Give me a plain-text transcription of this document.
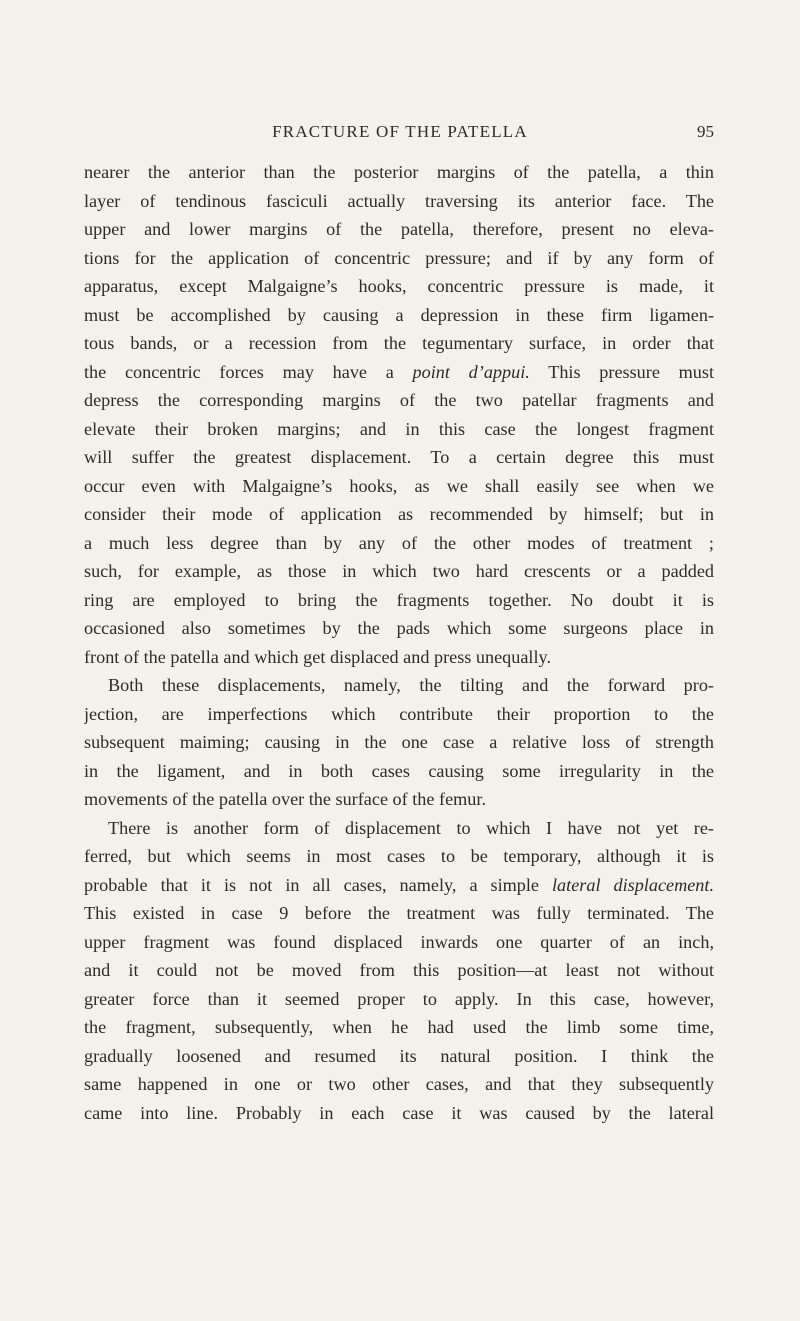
FRACTURE OF THE PATELLA	95
nearer the anterior than the posterior margins of the patella, a thin
layer of tendinous fasciculi actually traversing its anterior face. The
upper and lower margins of the patella, therefore, present no eleva-
tions for the application of concentric pressure; and if by any form of
apparatus, except Malgaigne’s hooks, concentric pressure is made, it
must be accomplished by causing a depression in these firm ligamen-
tous bands, or a recession from the tegumentary surface, in order that
the concentric forces may have a point d’appui. This pressure must
depress the corresponding margins of the two patellar fragments and
elevate their broken margins; and in this case the longest fragment
will suffer the greatest displacement. To a certain degree this must
occur even with Malgaigne’s hooks, as we shall easily see when we
consider their mode of application as recommended by himself; but in
a much less degree than by any of the other modes of treatment ;
such, for example, as those in which two hard crescents or a padded
ring are employed to bring the fragments together. No doubt it is
occasioned also sometimes by the pads which some surgeons place in
front of the patella and which get displaced and press unequally.
Both these displacements, namely, the tilting and the forward pro-
jection, are imperfections which contribute their proportion to the
subsequent maiming; causing in the one case a relative loss of strength
in the ligament, and in both cases causing some irregularity in the
movements of the patella over the surface of the femur.
There is another form of displacement to which I have not yet re-
ferred, but which seems in most cases to be temporary, although it is
probable that it is not in all cases, namely, a simple lateral displacement.
This existed in case 9 before the treatment was fully terminated. The
upper fragment was found displaced inwards one quarter of an inch,
and it could not be moved from this position—at least not without
greater force than it seemed proper to apply. In this case, however,
the fragment, subsequently, when he had used the limb some time,
gradually loosened and resumed its natural position. I think the
same happened in one or two other cases, and that they subsequently
came into line. Probably in each case it was caused by the lateral
